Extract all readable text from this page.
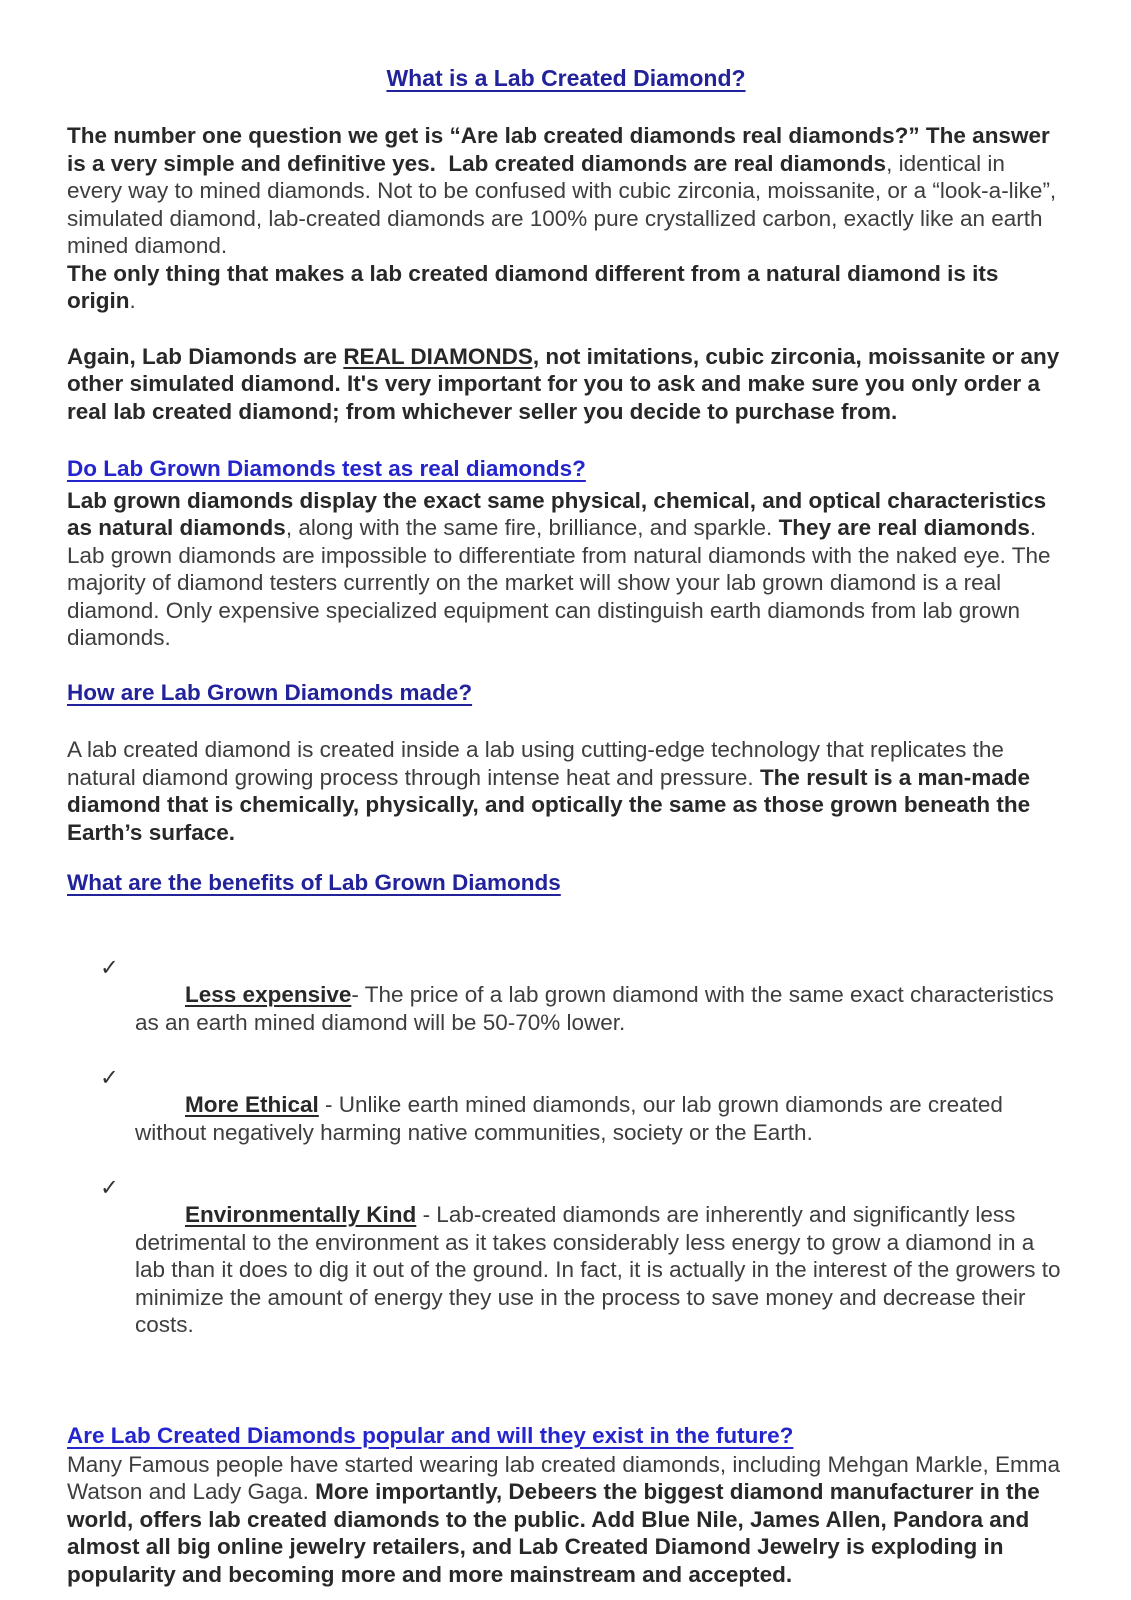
What is a Lab Created Diamond?

The number one question we get is “Are lab created diamonds real diamonds?” The answer is a very simple and definitive yes.  Lab created diamonds are real diamonds, identical in every way to mined diamonds. Not to be confused with cubic zirconia, moissanite, or a “look-a-like”, simulated diamond, lab-created diamonds are 100% pure crystallized carbon, exactly like an earth mined diamond.
The only thing that makes a lab created diamond different from a natural diamond is its origin.

Again, Lab Diamonds are REAL DIAMONDS, not imitations, cubic zirconia, moissanite or any other simulated diamond. It's very important for you to ask and make sure you only order a real lab created diamond; from whichever seller you decide to purchase from.

Do Lab Grown Diamonds test as real diamonds?

Lab grown diamonds display the exact same physical, chemical, and optical characteristics as natural diamonds, along with the same fire, brilliance, and sparkle. They are real diamonds. Lab grown diamonds are impossible to differentiate from natural diamonds with the naked eye. The majority of diamond testers currently on the market will show your lab grown diamond is a real diamond. Only expensive specialized equipment can distinguish earth diamonds from lab grown diamonds.

How are Lab Grown Diamonds made?

A lab created diamond is created inside a lab using cutting-edge technology that replicates the natural diamond growing process through intense heat and pressure. The result is a man-made diamond that is chemically, physically, and optically the same as those grown beneath the Earth’s surface.

What are the benefits of Lab Grown Diamonds

✓
Less expensive- The price of a lab grown diamond with the same exact characteristics as an earth mined diamond will be 50-70% lower.

✓
More Ethical - Unlike earth mined diamonds, our lab grown diamonds are created without negatively harming native communities, society or the Earth.

✓
Environmentally Kind - Lab-created diamonds are inherently and significantly less detrimental to the environment as it takes considerably less energy to grow a diamond in a lab than it does to dig it out of the ground. In fact, it is actually in the interest of the growers to minimize the amount of energy they use in the process to save money and decrease their costs.

Are Lab Created Diamonds popular and will they exist in the future?

Many Famous people have started wearing lab created diamonds, including Mehgan Markle, Emma Watson and Lady Gaga. More importantly, Debeers the biggest diamond manufacturer in the world, offers lab created diamonds to the public. Add Blue Nile, James Allen, Pandora and almost all big online jewelry retailers, and Lab Created Diamond Jewelry is exploding in popularity and becoming more and more mainstream and accepted.
